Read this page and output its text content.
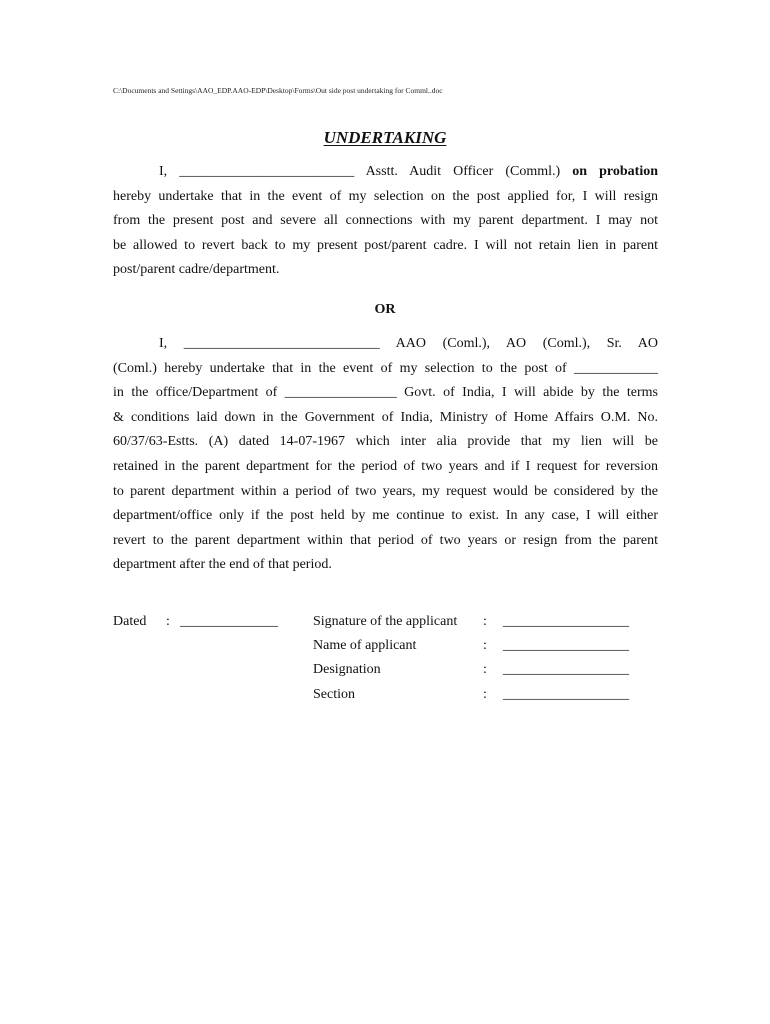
C:\Documents and Settings\AAO_EDP.AAO-EDP\Desktop\Forms\Out side post undertaking for Comml..doc
UNDERTAKING
I, _________________________ Asstt. Audit Officer (Comml.) on probation
hereby undertake that in the event of my selection on the post applied for, I will resign
from the present post and severe all connections with my parent department. I may not
be allowed to revert back to my present post/parent cadre. I will not retain lien in parent
post/parent cadre/department.
OR
I, ____________________________ AAO (Coml.), AO (Coml.), Sr. AO
(Coml.) hereby undertake that in the event of my selection to the post of ____________
in the office/Department of ________________ Govt. of India, I will abide by the terms
& conditions laid down in the Government of India, Ministry of Home Affairs O.M. No.
60/37/63-Estts. (A) dated 14-07-1967 which inter alia provide that my lien will be
retained in the parent department for the period of two years and if I request for reversion
to parent department within a period of two years, my request would be considered by the
department/office only if the post held by me continue to exist. In any case, I will either
revert to the parent department within that period of two years or resign from the parent
department after the end of that period.
Dated : ______________	Signature of the applicant : __________________
Name of applicant	: __________________
Designation	: __________________
Section	: __________________
